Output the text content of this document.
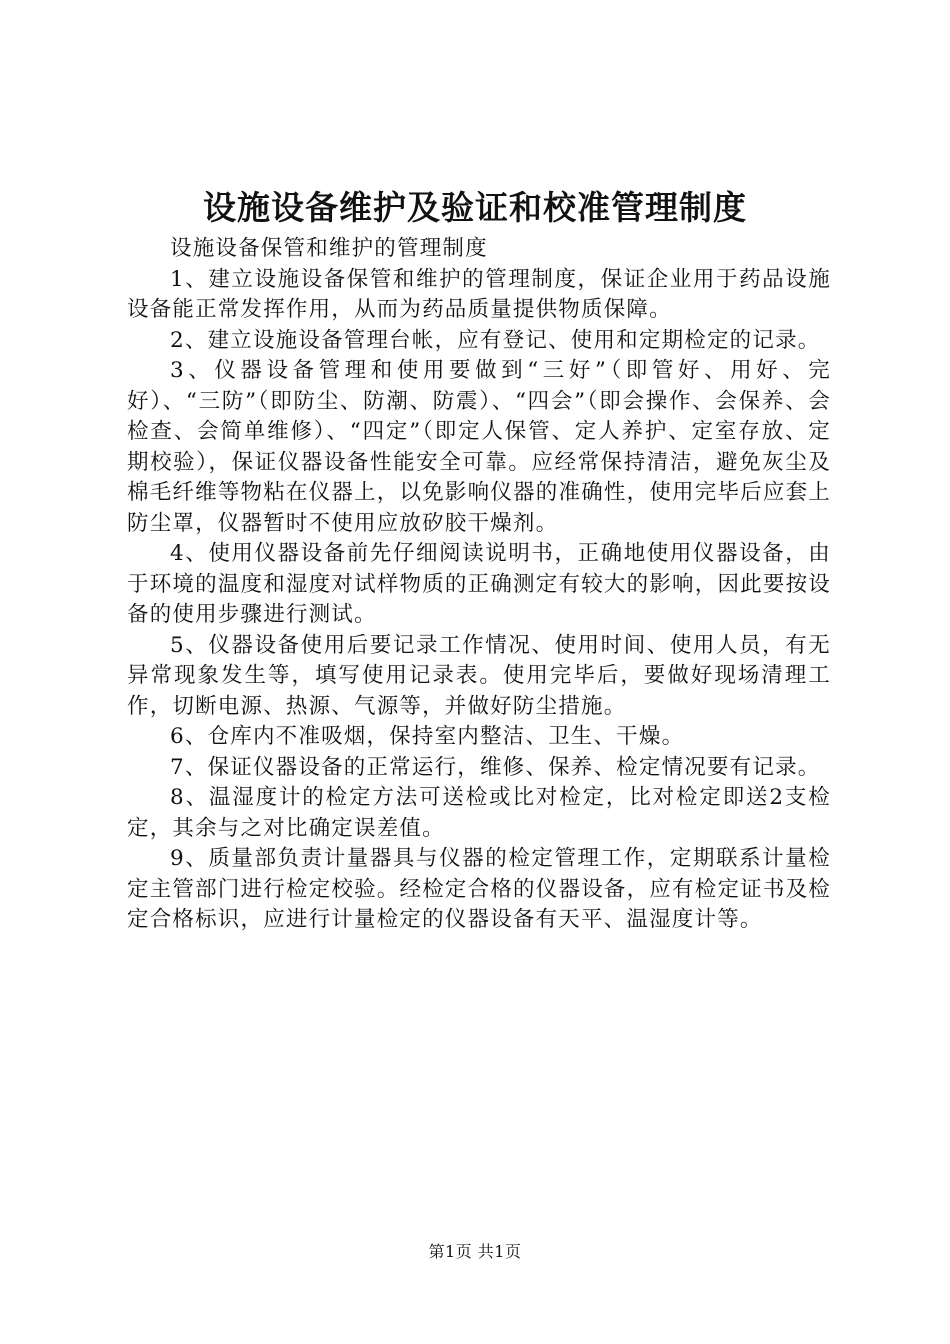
设施设备维护及验证和校准管理制度

设施设备保管和维护的管理制度

1、建立设施设备保管和维护的管理制度，保证企业用于药品设施设备能正常发挥作用，从而为药品质量提供物质保障。

2、建立设施设备管理台帐，应有登记、使用和定期检定的记录。

3、仪器设备管理和使用要做到“三好”（即管好、用好、完好）、“三防”（即防尘、防潮、防震）、“四会”（即会操作、会保养、会检查、会简单维修）、“四定”（即定人保管、定人养护、定室存放、定期校验），保证仪器设备性能安全可靠。应经常保持清洁，避免灰尘及棉毛纤维等物粘在仪器上，以免影响仪器的准确性，使用完毕后应套上防尘罩，仪器暂时不使用应放矽胶干燥剂。

4、使用仪器设备前先仔细阅读说明书，正确地使用仪器设备，由于环境的温度和湿度对试样物质的正确测定有较大的影响，因此要按设备的使用步骤进行测试。

5、仪器设备使用后要记录工作情况、使用时间、使用人员，有无异常现象发生等，填写使用记录表。使用完毕后，要做好现场清理工作，切断电源、热源、气源等，并做好防尘措施。

6、仓库内不准吸烟，保持室内整洁、卫生、干燥。

7、保证仪器设备的正常运行，维修、保养、检定情况要有记录。

8、温湿度计的检定方法可送检或比对检定，比对检定即送2支检定，其余与之对比确定误差值。

9、质量部负责计量器具与仪器的检定管理工作，定期联系计量检定主管部门进行检定校验。经检定合格的仪器设备，应有检定证书及检定合格标识，应进行计量检定的仪器设备有天平、温湿度计等。

第1页 共1页
